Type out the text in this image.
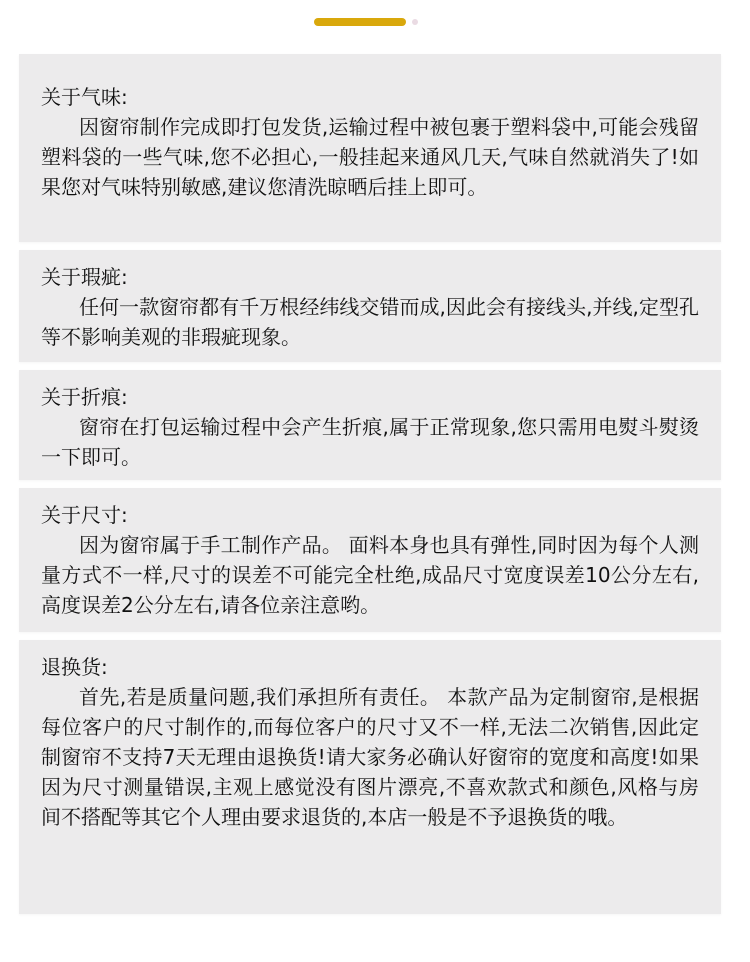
关于气味:

因窗帘制作完成即打包发货,运输过程中被包裹于塑料袋中,可能会残留塑料袋的一些气味,您不必担心,一般挂起来通风几天,气味自然就消失了!如果您对气味特别敏感,建议您清洗晾晒后挂上即可。

关于瑕疵:

任何一款窗帘都有千万根经纬线交错而成,因此会有接线头,并线,定型孔等不影响美观的非瑕疵现象。

关于折痕:

窗帘在打包运输过程中会产生折痕,属于正常现象,您只需用电熨斗熨烫一下即可。

关于尺寸:

因为窗帘属于手工制作产品。 面料本身也具有弹性,同时因为每个人测量方式不一样,尺寸的误差不可能完全杜绝,成品尺寸宽度误差10公分左右,高度误差2公分左右,请各位亲注意哟。

退换货:

首先,若是质量问题,我们承担所有责任。 本款产品为定制窗帘,是根据每位客户的尺寸制作的,而每位客户的尺寸又不一样,无法二次销售,因此定制窗帘不支持7天无理由退换货!请大家务必确认好窗帘的宽度和高度!如果因为尺寸测量错误,主观上感觉没有图片漂亮,不喜欢款式和颜色,风格与房间不搭配等其它个人理由要求退货的,本店一般是不予退换货的哦。
